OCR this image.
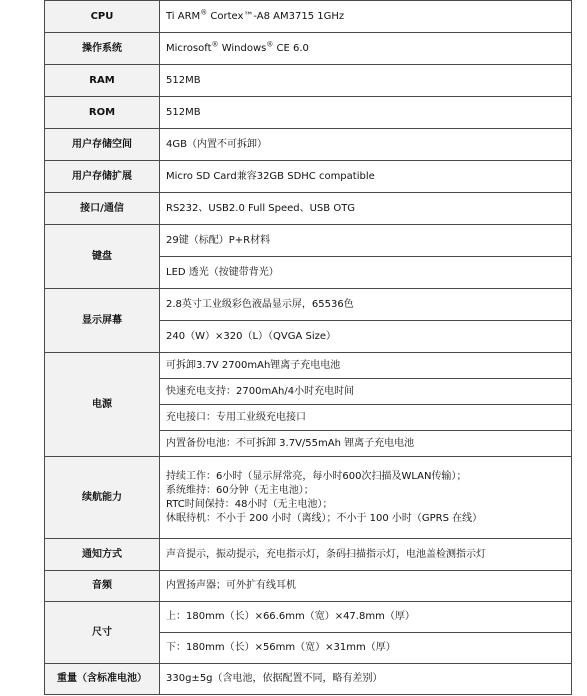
CPU	Ti ARM® Cortex™-A8 AM3715 1GHz
操作系统	Microsoft® Windows® CE 6.0
RAM	512MB
ROM	512MB
用户存储空间	4GB（内置不可拆卸）
用户存储扩展	Micro SD Card兼容32GB SDHC compatible
接口/通信	RS232、USB2.0 Full Speed、USB OTG
键盘	29键（标配）P+R材料
	LED 透光（按键带背光）
显示屏幕	2.8英寸工业级彩色液晶显示屏，65536色
	240（W）×320（L）（QVGA Size）
电源	可拆卸3.7V 2700mAh锂离子充电电池
	快速充电支持：2700mAh/4小时充电时间
	充电接口：专用工业级充电接口
	内置备份电池：不可拆卸 3.7V/55mAh 锂离子充电电池
续航能力	持续工作：6小时（显示屏常亮，每小时600次扫描及WLAN传输）；
系统维持：60分钟（无主电池）；
RTC时间保持：48小时（无主电池）；
休眠待机：不小于 200 小时（离线）；不小于 100 小时（GPRS 在线）

通知方式	声音提示，振动提示，充电指示灯，条码扫描指示灯，电池盖检测指示灯
音频	内置扬声器；可外扩有线耳机
尺寸	上：180mm（长）×66.6mm（宽）×47.8mm（厚）
	下：180mm（长）×56mm（宽）×31mm（厚）
重量（含标准电池）	330g±5g（含电池，依据配置不同，略有差别）
